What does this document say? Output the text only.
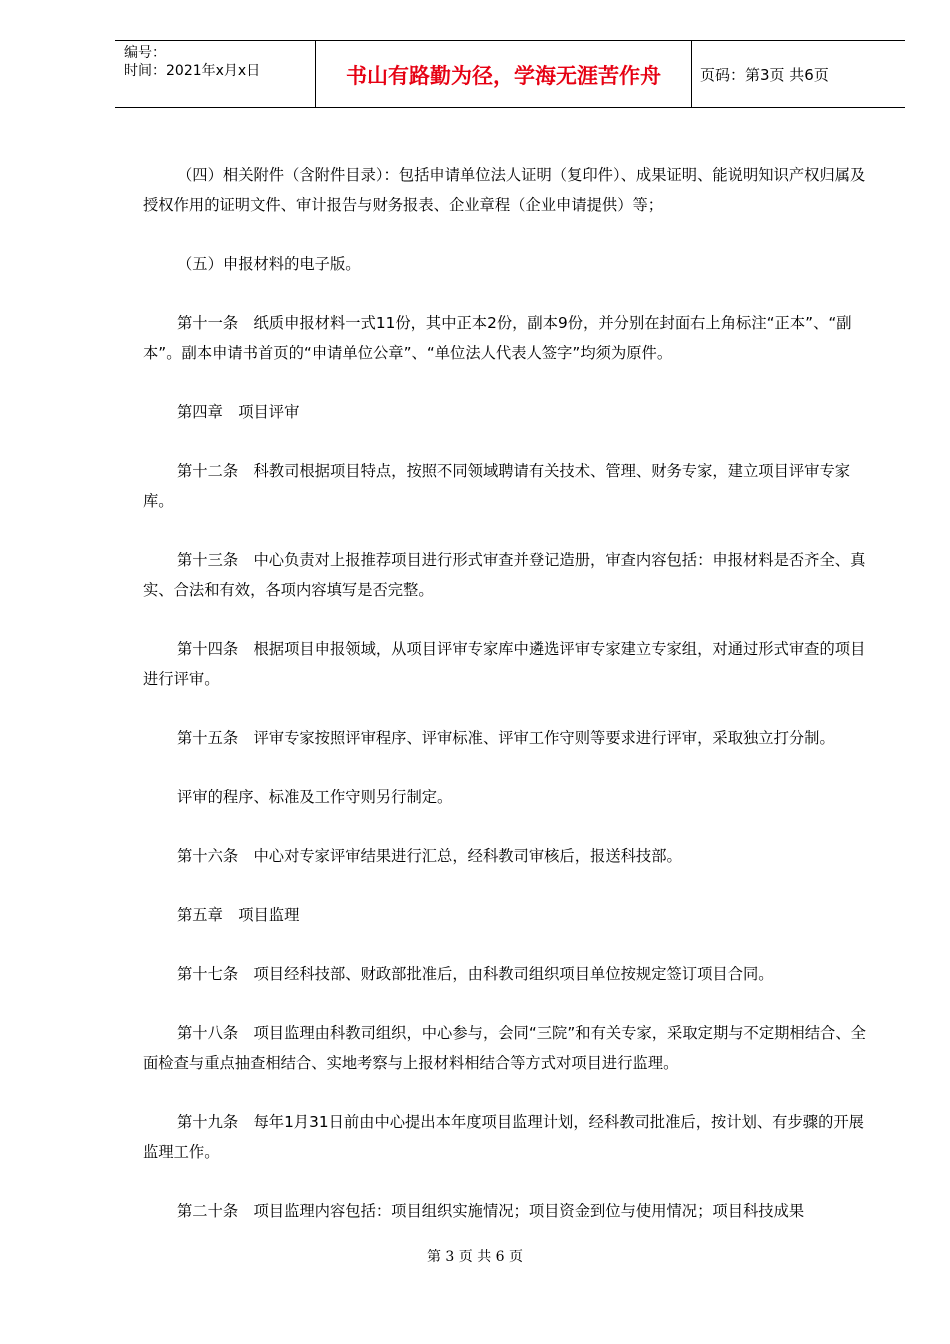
编号：
时间：2021年x月x日	书山有路勤为径，学海无涯苦作舟	页码：第3页 共6页

（四）相关附件（含附件目录）：包括申请单位法人证明（复印件）、成果证明、能说明知识产权归属及授权作用的证明文件、审计报告与财务报表、企业章程（企业申请提供）等；

（五）申报材料的电子版。

第十一条　纸质申报材料一式11份，其中正本2份，副本9份，并分别在封面右上角标注“正本”、“副本”。副本申请书首页的“申请单位公章”、“单位法人代表人签字”均须为原件。

第四章　项目评审

第十二条　科教司根据项目特点，按照不同领域聘请有关技术、管理、财务专家，建立项目评审专家库。

第十三条　中心负责对上报推荐项目进行形式审查并登记造册，审查内容包括：申报材料是否齐全、真实、合法和有效，各项内容填写是否完整。

第十四条　根据项目申报领域，从项目评审专家库中遴选评审专家建立专家组，对通过形式审查的项目进行评审。

第十五条　评审专家按照评审程序、评审标准、评审工作守则等要求进行评审，采取独立打分制。

评审的程序、标准及工作守则另行制定。

第十六条　中心对专家评审结果进行汇总，经科教司审核后，报送科技部。

第五章　项目监理

第十七条　项目经科技部、财政部批准后，由科教司组织项目单位按规定签订项目合同。

第十八条　项目监理由科教司组织，中心参与，会同“三院”和有关专家，采取定期与不定期相结合、全面检查与重点抽查相结合、实地考察与上报材料相结合等方式对项目进行监理。

第十九条　每年1月31日前由中心提出本年度项目监理计划，经科教司批准后，按计划、有步骤的开展监理工作。

第二十条　项目监理内容包括：项目组织实施情况；项目资金到位与使用情况；项目科技成果

第 3 页 共 6 页
